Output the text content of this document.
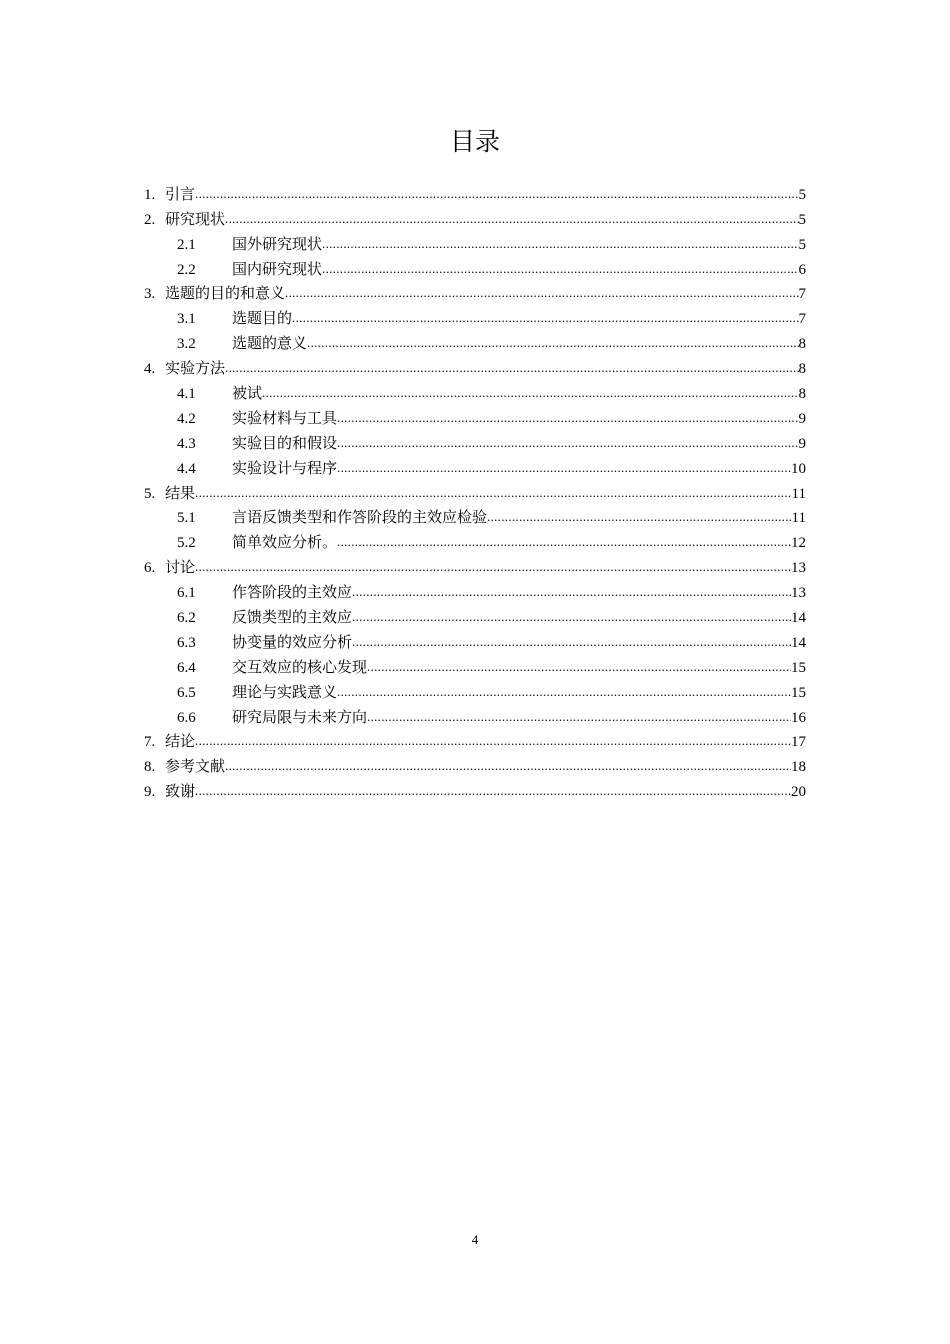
目录
1. 引言 .....	5
2. 研究现状 .....	5
2.1	国外研究现状 .....	5
2.2	国内研究现状 .....	6
3. 选题的目的和意义 .....	7
3.1	选题目的 .....	7
3.2	选题的意义 .....	8
4. 实验方法 .....	8
4.1	被试 .....	8
4.2	实验材料与工具 .....	9
4.3	实验目的和假设 .....	9
4.4	实验设计与程序 .....	10
5. 结果 .....	11
5.1	言语反馈类型和作答阶段的主效应检验 .....	11
5.2	简单效应分析。 .....	12
6. 讨论 .....	13
6.1	作答阶段的主效应 .....	13
6.2	反馈类型的主效应 .....	14
6.3	协变量的效应分析 .....	14
6.4	交互效应的核心发现 .....	15
6.5	理论与实践意义 .....	15
6.6	研究局限与未来方向 .....	16
7. 结论 .....	17
8. 参考文献 .....	18
9. 致谢 .....	20
4
